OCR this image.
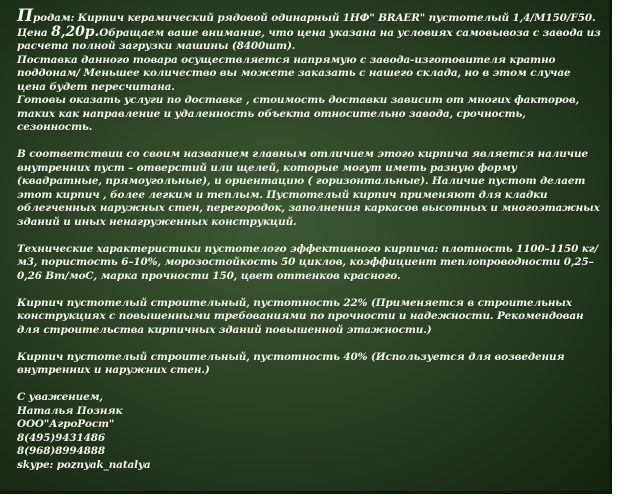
Продам: Кирпич керамический рядовой одинарный 1НФ" BRAER" пустотелый 1,4/М150/F50.

Цена 8,20р.Обращаем ваше внимание, что цена указана на условиях самовывоза с завода из расчета полной загрузки машины (8400шт).

Поставка данного товара осуществляется напрямую с завода-изготовителя кратно поддонам/ Меньшее количество вы можете заказать с нашего склада, но в этом случае цена будет пересчитана.

Готовы оказать услуги по доставке , стоимость доставки зависит от многих факторов, таких как направление и удаленность объекта относительно завода, срочность, сезонность.

В соответствии со своим названием главным отличием этого кирпича является наличие внутренних пуст – отверстий или щелей, которые могут иметь разную форму (квадратные, прямоугольные), и ориентацию ( горизонтальные). Наличие пустот делает этот кирпич , более легким и теплым. Пустотелый кирпич применяют для кладки облегченных наружных стен, перегородок, заполнения каркасов высотных и многоэтажных зданий и иных ненагруженных конструкций.

Технические характеристики пустотелого эффективного кирпича: плотность 1100–1150 кг/м3, пористость 6–10%, морозостойкость 50 циклов, коэффициент теплопроводности 0,25–0,26 Вт/моС, марка прочности 150, цвет оттенков красного.

Кирпич пустотелый строительный, пустотность 22% (Применяется в строительных конструкциях с повышенными требованиями по прочности и надежности. Рекомендован для строительства кирпичных зданий повышенной этажности.)

Кирпич пустотелый строительный, пустотность 40% (Используется для возведения внутренних и наружних стен.)

С уважением,

Наталья Позняк

ООО"АгроРост"

8(495)9431486

8(968)8994888

skype: poznyak_natalya
